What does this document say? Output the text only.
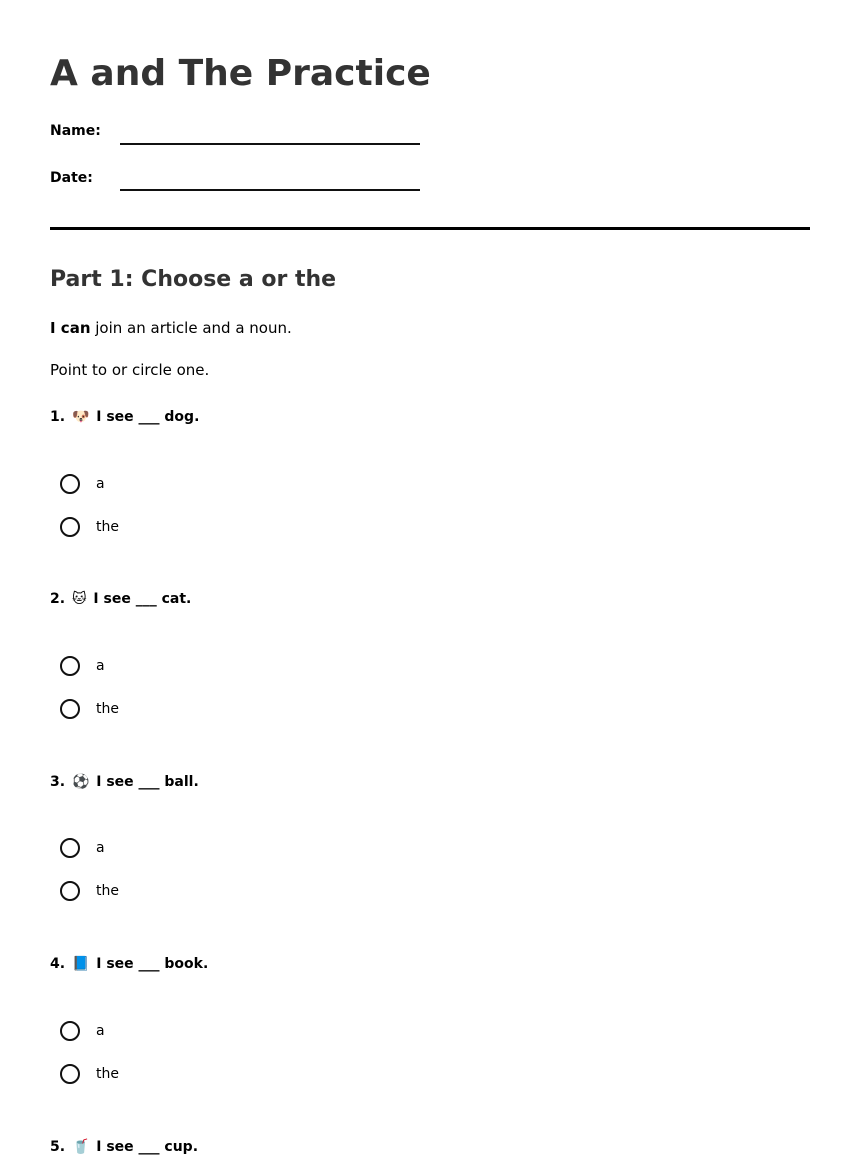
A and The Practice
Name:
Date:
Part 1: Choose a or the
I can join an article and a noun.
Point to or circle one.
1. 🐶 I see ___ dog.
a
the
2. 🐱 I see ___ cat.
a
the
3. ⚽ I see ___ ball.
a
the
4. 📘 I see ___ book.
a
the
5. 🥤 I see ___ cup.
